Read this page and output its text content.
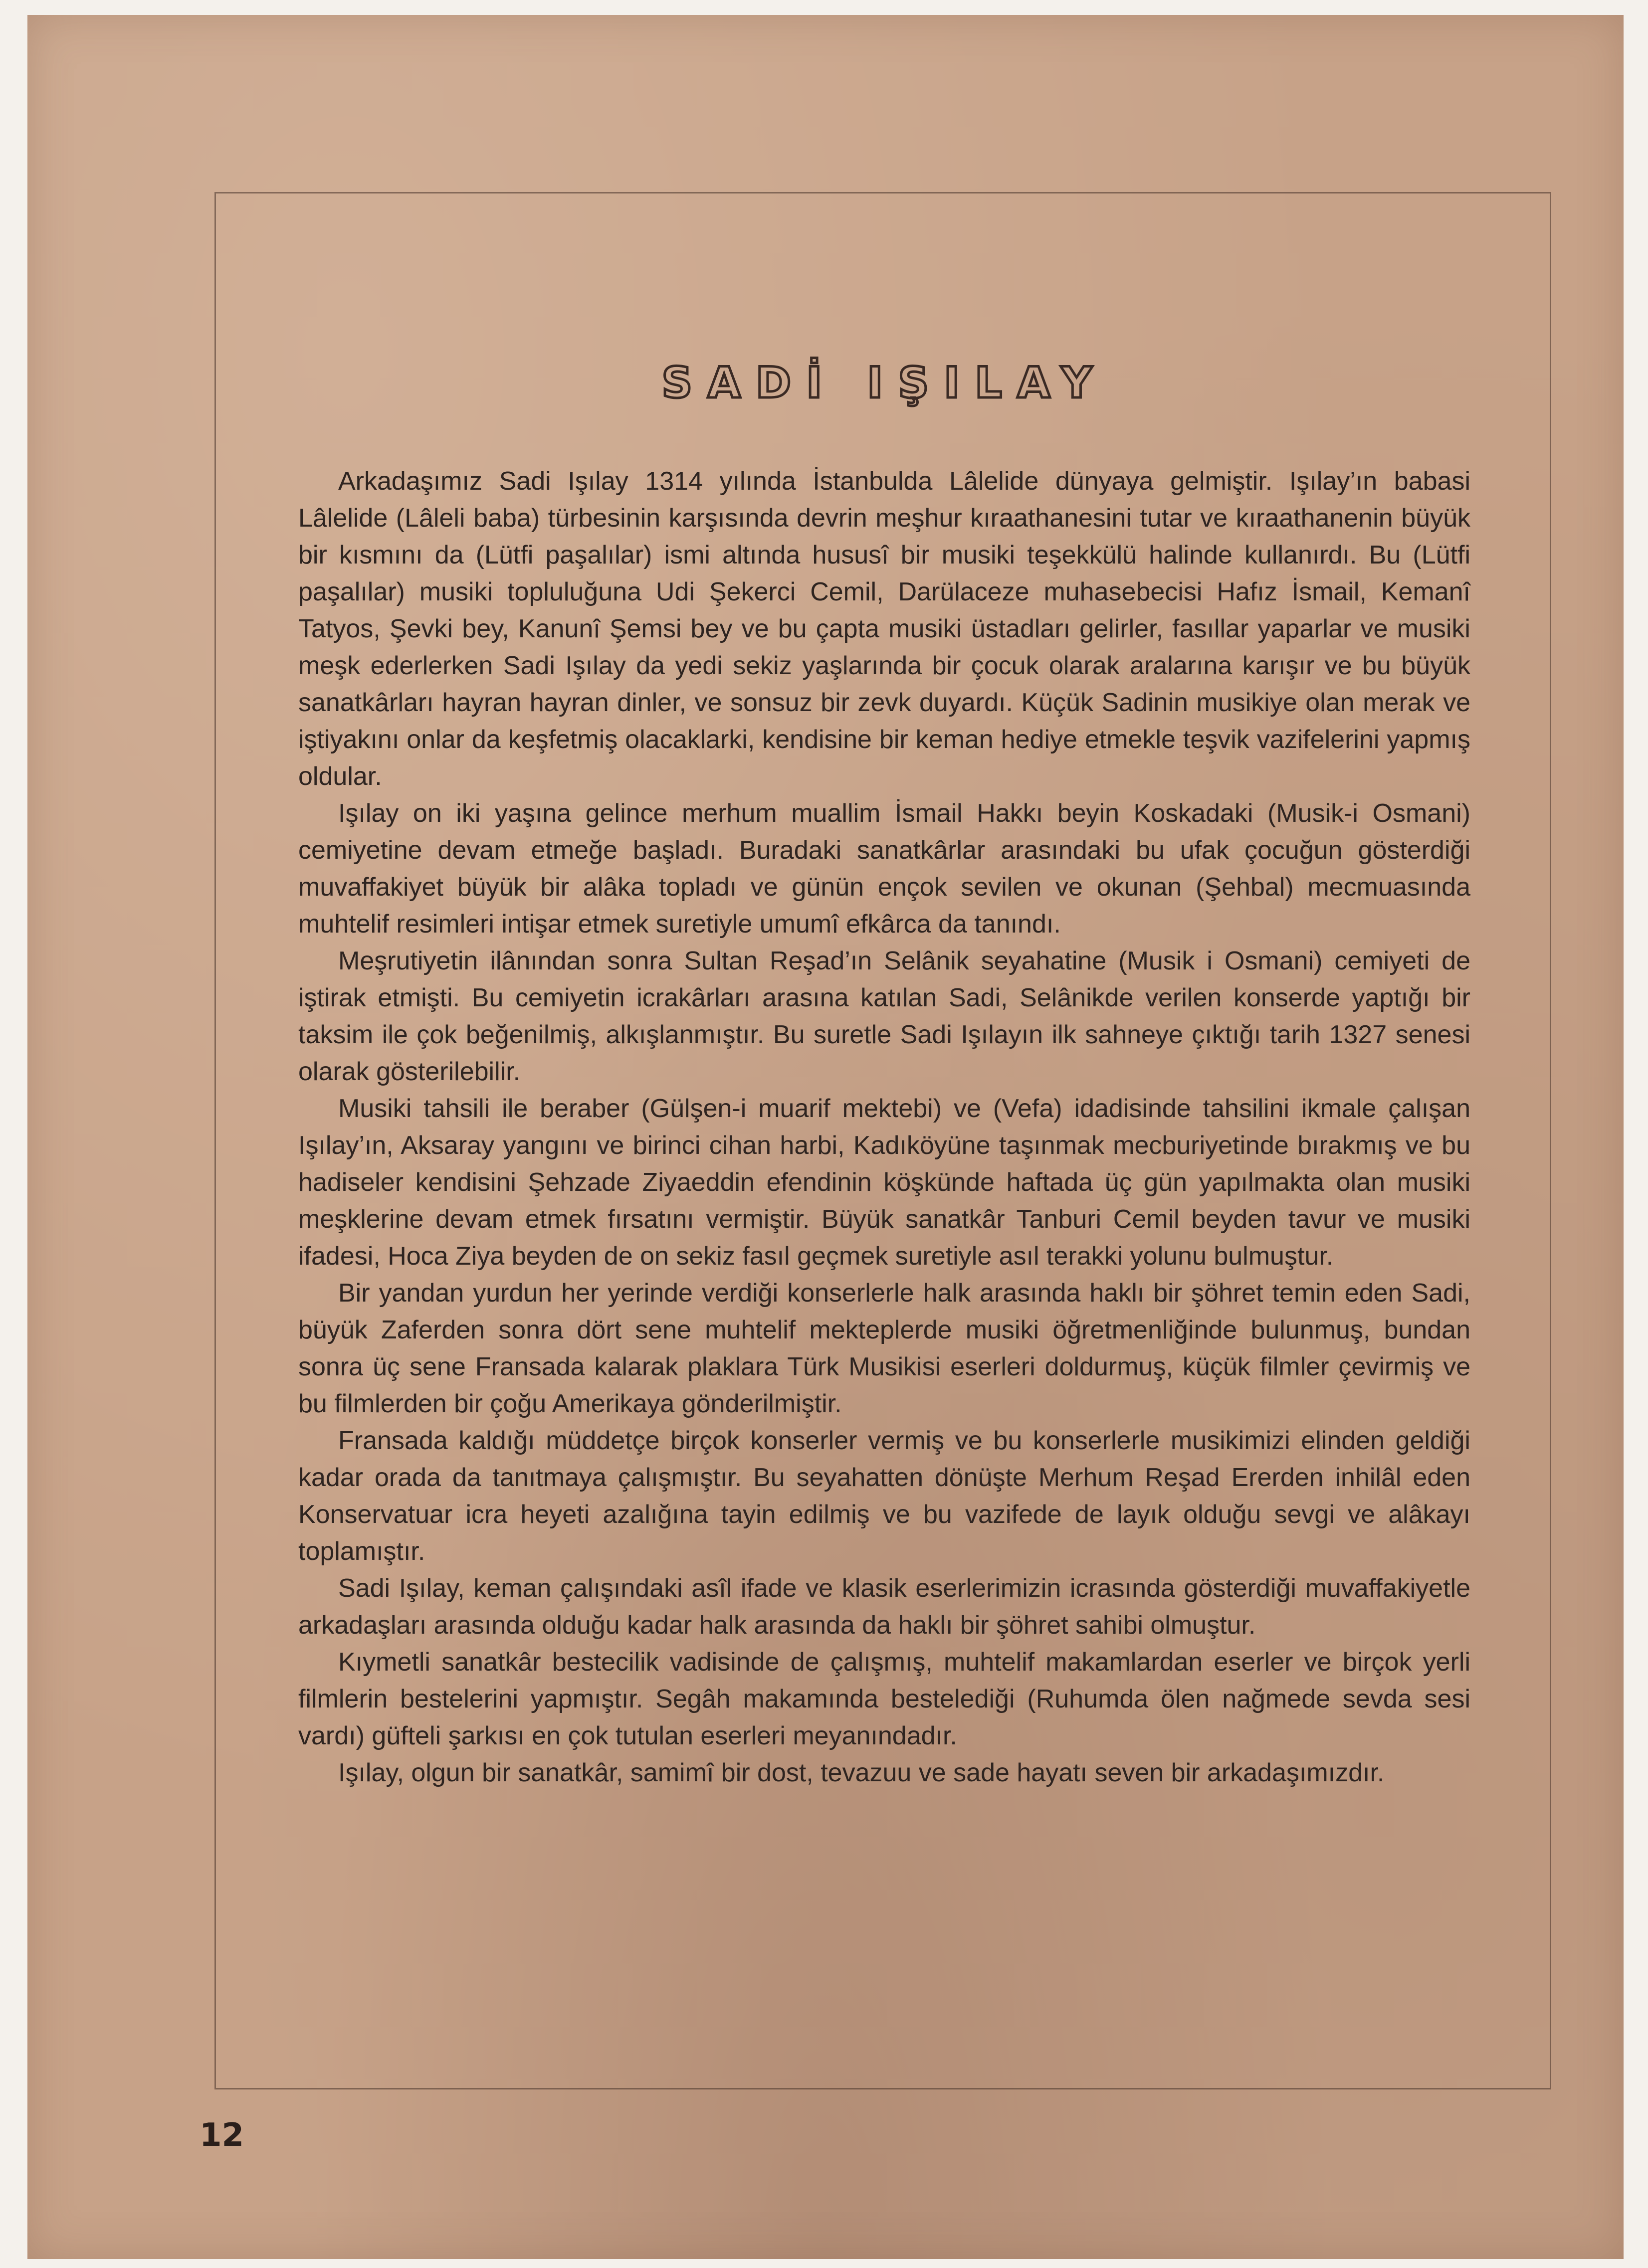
SADİ IŞILAY

Arkadaşımız Sadi Işılay 1314 yılında İstanbulda Lâlelide dünyaya gelmiştir. Işılay’ın babasi Lâlelide (Lâleli baba) türbesinin karşısında devrin meşhur kıraathanesini tutar ve kıraathanenin büyük bir kısmını da (Lütfi paşalılar) ismi altında hususî bir musiki teşekkülü halinde kullanırdı. Bu (Lütfi paşalılar) musiki topluluğuna Udi Şekerci Cemil, Darülaceze muhasebecisi Hafız İsmail, Kemanî Tatyos, Şevki bey, Kanunî Şemsi bey ve bu çapta musiki üstadları gelirler, fasıllar yaparlar ve musiki meşk ederlerken Sadi Işılay da yedi sekiz yaşlarında bir çocuk olarak aralarına karışır ve bu büyük sanatkârları hayran hayran dinler, ve sonsuz bir zevk duyardı. Küçük Sadinin musikiye olan merak ve iştiyakını onlar da keşfetmiş olacaklarki, kendisine bir keman hediye etmekle teşvik vazifelerini yapmış oldular.

Işılay on iki yaşına gelince merhum muallim İsmail Hakkı beyin Koskadaki (Musik-i Osmani) cemiyetine devam etmeğe başladı. Buradaki sanatkârlar arasındaki bu ufak çocuğun gösterdiği muvaffakiyet büyük bir alâka topladı ve günün ençok sevilen ve okunan (Şehbal) mecmuasında muhtelif resimleri intişar etmek suretiyle umumî efkârca da tanındı.

Meşrutiyetin ilânından sonra Sultan Reşad’ın Selânik seyahatine (Musik i Osmani) cemiyeti de iştirak etmişti. Bu cemiyetin icrakârları arasına katılan Sadi, Selânikde verilen konserde yaptığı bir taksim ile çok beğenilmiş, alkışlanmıştır. Bu suretle Sadi Işılayın ilk sahneye çıktığı tarih 1327 senesi olarak gösterilebilir.

Musiki tahsili ile beraber (Gülşen-i muarif mektebi) ve (Vefa) idadisinde tahsilini ikmale çalışan Işılay’ın, Aksaray yangını ve birinci cihan harbi, Kadıköyüne taşınmak mecburiyetinde bırakmış ve bu hadiseler kendisini Şehzade Ziyaeddin efendinin köşkünde haftada üç gün yapılmakta olan musiki meşklerine devam etmek fırsatını vermiştir. Büyük sanatkâr Tanburi Cemil beyden tavur ve musiki ifadesi, Hoca Ziya beyden de on sekiz fasıl geçmek suretiyle asıl terakki yolunu bulmuştur.

Bir yandan yurdun her yerinde verdiği konserlerle halk arasında haklı bir şöhret temin eden Sadi, büyük Zaferden sonra dört sene muhtelif mekteplerde musiki öğretmenliğinde bulunmuş, bundan sonra üç sene Fransada kalarak plaklara Türk Musikisi eserleri doldurmuş, küçük filmler çevirmiş ve bu filmlerden bir çoğu Amerikaya gönderilmiştir.

Fransada kaldığı müddetçe birçok konserler vermiş ve bu konserlerle musikimizi elinden geldiği kadar orada da tanıtmaya çalışmıştır. Bu seyahatten dönüşte Merhum Reşad Ererden inhilâl eden Konservatuar icra heyeti azalığına tayin edilmiş ve bu vazifede de layık olduğu sevgi ve alâkayı toplamıştır.

Sadi Işılay, keman çalışındaki asîl ifade ve klasik eserlerimizin icrasında gösterdiği muvaffakiyetle arkadaşları arasında olduğu kadar halk arasında da haklı bir şöhret sahibi olmuştur.

Kıymetli sanatkâr bestecilik vadisinde de çalışmış, muhtelif makamlardan eserler ve birçok yerli filmlerin bestelerini yapmıştır. Segâh makamında bestelediği (Ruhumda ölen nağmede sevda sesi vardı) güfteli şarkısı en çok tutulan eserleri meyanındadır.

Işılay, olgun bir sanatkâr, samimî bir dost, tevazuu ve sade hayatı seven bir arkadaşımızdır.

12
